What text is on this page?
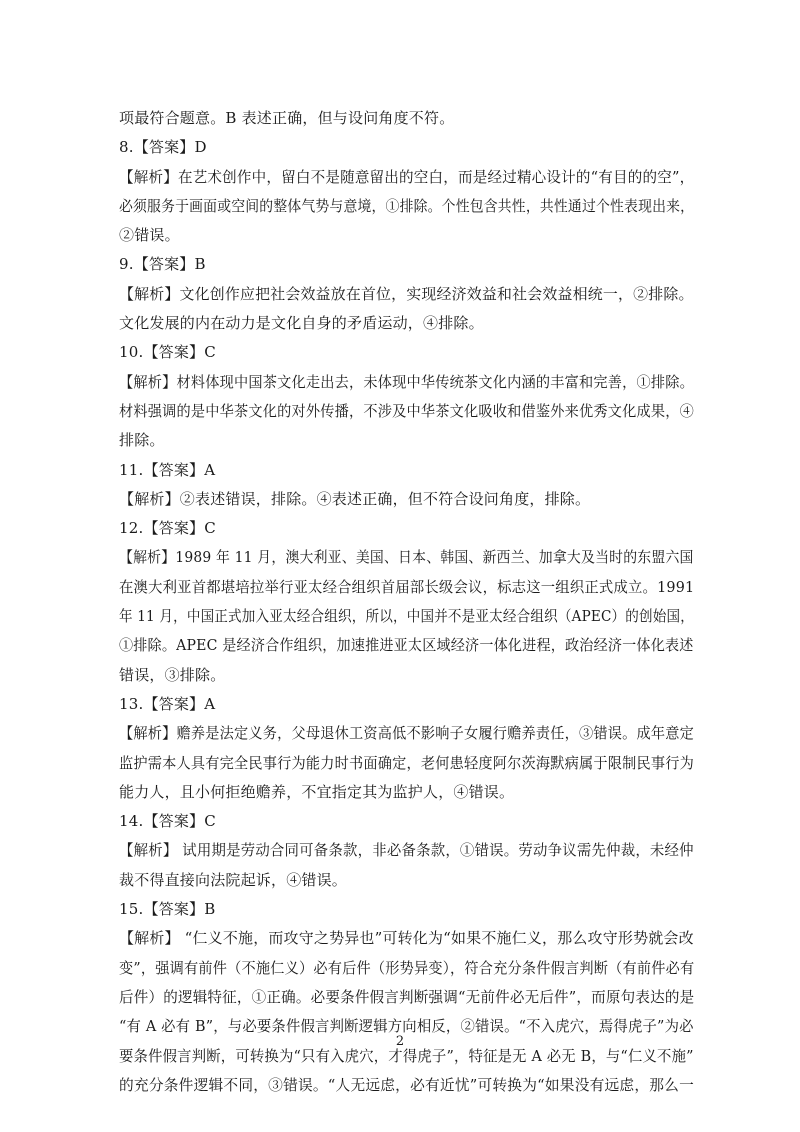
项最符合题意。B 表述正确，但与设问角度不符。
8.【答案】D
【解析】在艺术创作中，留白不是随意留出的空白，而是经过精心设计的“有目的的空”，
必须服务于画面或空间的整体气势与意境，①排除。个性包含共性，共性通过个性表现出来，
②错误。
9.【答案】B
【解析】文化创作应把社会效益放在首位，实现经济效益和社会效益相统一，②排除。
文化发展的内在动力是文化自身的矛盾运动，④排除。
10.【答案】C
【解析】材料体现中国茶文化走出去，未体现中华传统茶文化内涵的丰富和完善，①排除。
材料强调的是中华茶文化的对外传播，不涉及中华茶文化吸收和借鉴外来优秀文化成果，④
排除。
11.【答案】A
【解析】②表述错误，排除。④表述正确，但不符合设问角度，排除。
12.【答案】C
【解析】1989 年 11 月，澳大利亚、美国、日本、韩国、新西兰、加拿大及当时的东盟六国
在澳大利亚首都堪培拉举行亚太经合组织首届部长级会议，标志这一组织正式成立。1991
年 11 月，中国正式加入亚太经合组织，所以，中国并不是亚太经合组织（APEC）的创始国，
①排除。APEC 是经济合作组织，加速推进亚太区域经济一体化进程，政治经济一体化表述
错误，③排除。
13.【答案】A
【解析】赡养是法定义务，父母退休工资高低不影响子女履行赡养责任，③错误。成年意定
监护需本人具有完全民事行为能力时书面确定，老何患轻度阿尔茨海默病属于限制民事行为
能力人，且小何拒绝赡养，不宜指定其为监护人，④错误。
14.【答案】C
【解析】 试用期是劳动合同可备条款，非必备条款，①错误。劳动争议需先仲裁，未经仲
裁不得直接向法院起诉，④错误。
15.【答案】B
【解析】 “仁义不施，而攻守之势异也”可转化为“如果不施仁义，那么攻守形势就会改
变”，强调有前件（不施仁义）必有后件（形势异变），符合充分条件假言判断（有前件必有
后件）的逻辑特征，①正确。必要条件假言判断强调“无前件必无后件”，而原句表达的是
“有 A 必有 B”，与必要条件假言判断逻辑方向相反，②错误。“不入虎穴，焉得虎子”为必
要条件假言判断，可转换为“只有入虎穴，才得虎子”，特征是无 A 必无 B，与“仁义不施”
的充分条件逻辑不同，③错误。“人无远虑，必有近忧”可转换为“如果没有远虑，那么一
2
